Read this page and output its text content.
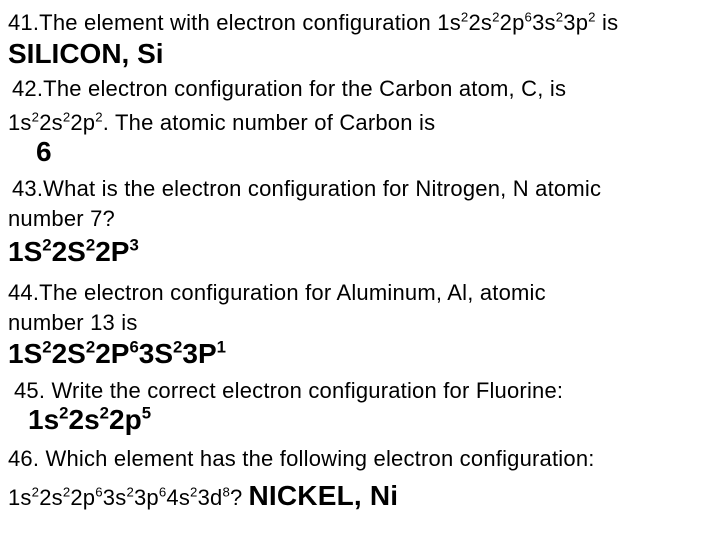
41.The element with electron configuration $1s^22s^22p^63s^23p^2$ is
SILICON, Si
42.The electron configuration for the Carbon atom, C, is
$1s^22s^22p^2$. The atomic number of Carbon is
6
43.What is the electron configuration for Nitrogen, N atomic
number 7?
$1S^22S^22P^3$
44.The electron configuration for Aluminum, Al, atomic
number 13 is
$1S^22S^22P^63S^23P^1$
45. Write the correct electron configuration for Fluorine:
$1s^22s^22p^5$
46. Which element has the following electron configuration:
$1s^22s^22p^63s^23p^64s^23d^8$? NICKEL, Ni
